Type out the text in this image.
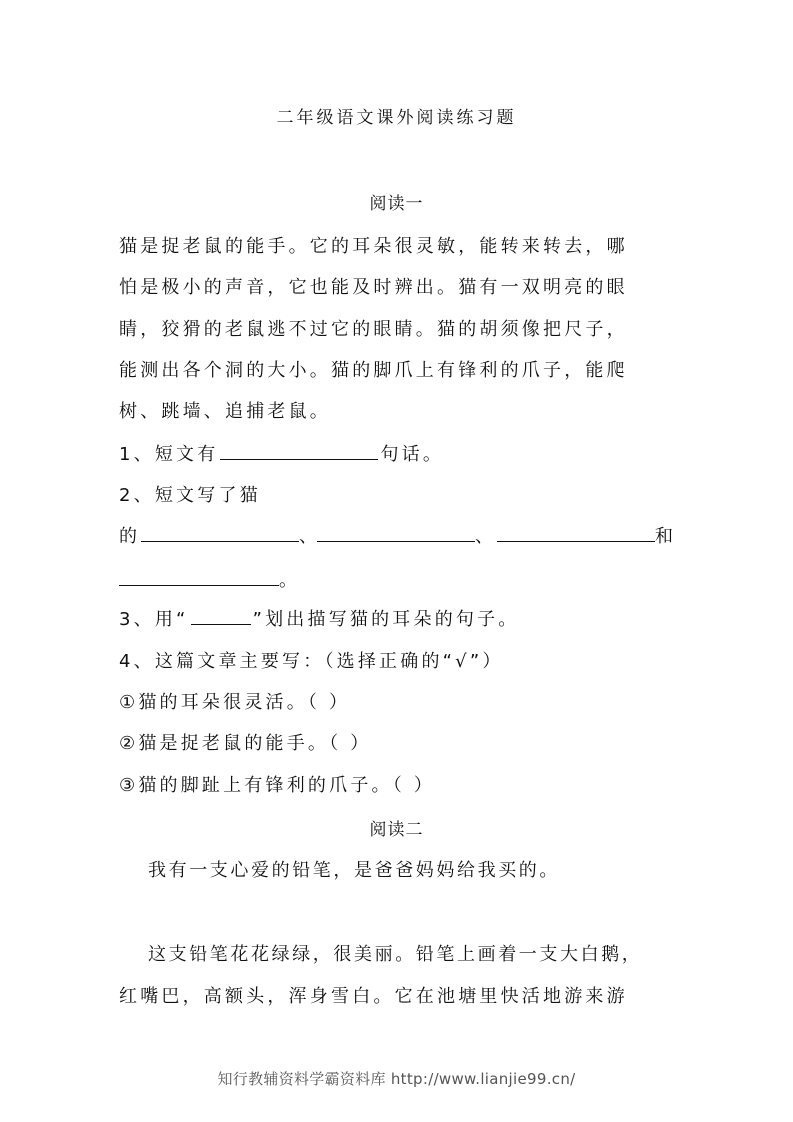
二年级语文课外阅读练习题
阅读一
猫是捉老鼠的能手。它的耳朵很灵敏，能转来转去，哪
怕是极小的声音，它也能及时辨出。猫有一双明亮的眼
睛，狡猾的老鼠逃不过它的眼睛。猫的胡须像把尺子，
能测出各个洞的大小。猫的脚爪上有锋利的爪子，能爬
树、跳墙、追捕老鼠。
1、短文有	句话。
2、短文写了猫
的	、	、	和
。
3、用“	”划出描写猫的耳朵的句子。
4、这篇文章主要写：（选择正确的“√”）
①猫的耳朵很灵活。（ ）
②猫是捉老鼠的能手。（ ）
③猫的脚趾上有锋利的爪子。（ ）
阅读二
我有一支心爱的铅笔，是爸爸妈妈给我买的。
这支铅笔花花绿绿，很美丽。铅笔上画着一支大白鹅，
红嘴巴，高额头，浑身雪白。它在池塘里快活地游来游
知行教辅资料学霸资料库 http://www.lianjie99.cn/
